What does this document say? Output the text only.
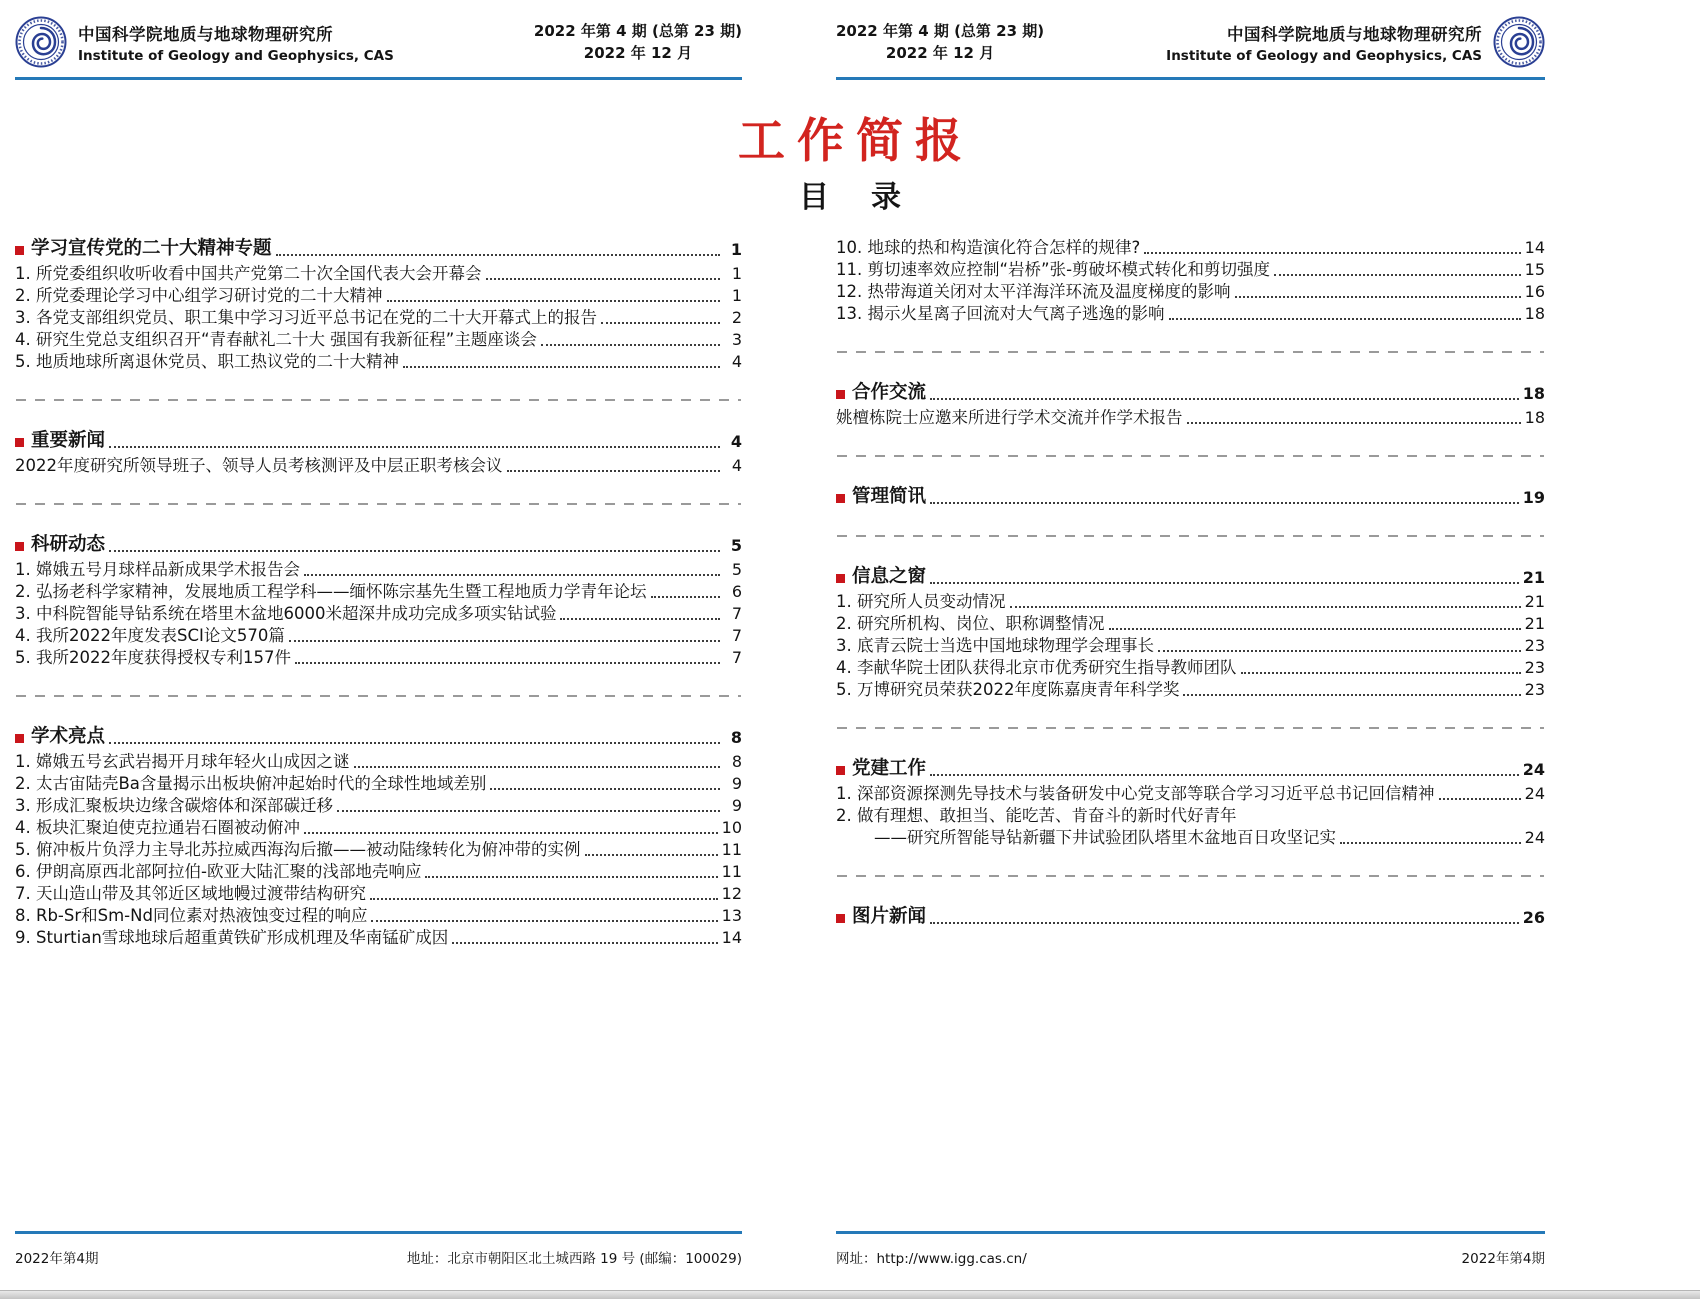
中国科学院地质与地球物理研究所
Institute of Geology and Geophysics, CAS
2022 年第 4 期 (总第 23 期)
2022 年 12 月
2022 年第 4 期 (总第 23 期)
2022 年 12 月
中国科学院地质与地球物理研究所
Institute of Geology and Geophysics, CAS
工作简报
目　录
学习宣传党的二十大精神专题	1
1. 所党委组织收听收看中国共产党第二十次全国代表大会开幕会	1
2. 所党委理论学习中心组学习研讨党的二十大精神	1
3. 各党支部组织党员、职工集中学习习近平总书记在党的二十大开幕式上的报告	2
4. 研究生党总支组织召开“青春献礼二十大 强国有我新征程”主题座谈会	3
5. 地质地球所离退休党员、职工热议党的二十大精神	4
重要新闻	4
2022年度研究所领导班子、领导人员考核测评及中层正职考核会议	4
科研动态	5
1. 嫦娥五号月球样品新成果学术报告会	5
2. 弘扬老科学家精神，发展地质工程学科——缅怀陈宗基先生暨工程地质力学青年论坛	6
3. 中科院智能导钻系统在塔里木盆地6000米超深井成功完成多项实钻试验	7
4. 我所2022年度发表SCI论文570篇	7
5. 我所2022年度获得授权专利157件	7
学术亮点	8
1. 嫦娥五号玄武岩揭开月球年轻火山成因之谜	8
2. 太古宙陆壳Ba含量揭示出板块俯冲起始时代的全球性地域差别	9
3. 形成汇聚板块边缘含碳熔体和深部碳迁移	9
4. 板块汇聚迫使克拉通岩石圈被动俯冲	10
5. 俯冲板片负浮力主导北苏拉威西海沟后撤——被动陆缘转化为俯冲带的实例	11
6. 伊朗高原西北部阿拉伯-欧亚大陆汇聚的浅部地壳响应	11
7. 天山造山带及其邻近区域地幔过渡带结构研究	12
8. Rb-Sr和Sm-Nd同位素对热液蚀变过程的响应	13
9. Sturtian雪球地球后超重黄铁矿形成机理及华南锰矿成因	14
10. 地球的热和构造演化符合怎样的规律?	14
11. 剪切速率效应控制“岩桥”张-剪破坏模式转化和剪切强度	15
12. 热带海道关闭对太平洋海洋环流及温度梯度的影响	16
13. 揭示火星离子回流对大气离子逃逸的影响	18
合作交流	18
姚檀栋院士应邀来所进行学术交流并作学术报告	18
管理简讯	19
信息之窗	21
1. 研究所人员变动情况	21
2. 研究所机构、岗位、职称调整情况	21
3. 底青云院士当选中国地球物理学会理事长	23
4. 李献华院士团队获得北京市优秀研究生指导教师团队	23
5. 万博研究员荣获2022年度陈嘉庚青年科学奖	23
党建工作	24
1. 深部资源探测先导技术与装备研发中心党支部等联合学习习近平总书记回信精神	24
2. 做有理想、敢担当、能吃苦、肯奋斗的新时代好青年
——研究所智能导钻新疆下井试验团队塔里木盆地百日攻坚记实	24
图片新闻	26
2022年第4期	地址：北京市朝阳区北土城西路 19 号 (邮编：100029)	网址：http://www.igg.cas.cn/	2022年第4期
